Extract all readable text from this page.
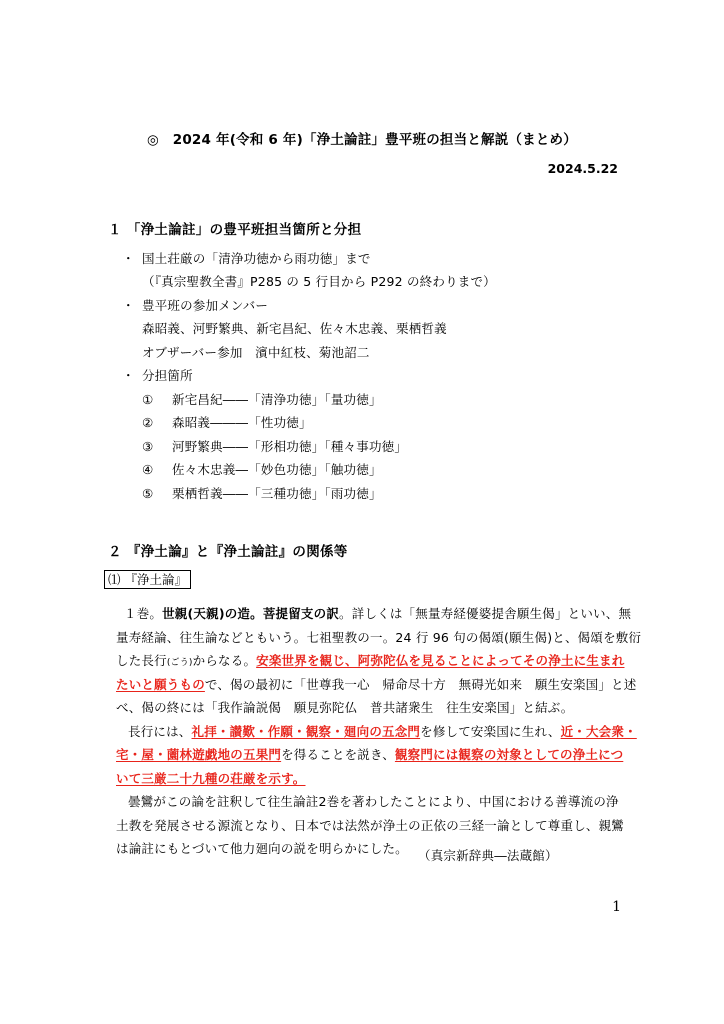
◎　2024 年(令和 6 年)「浄土論註」豊平班の担当と解説（まとめ）
2024.5.22
１ 「浄土論註」の豊平班担当箇所と分担
・ 国土荘厳の「清浄功徳から雨功徳」まで
（『真宗聖教全書』P285 の 5 行目から P292 の終わりまで）
・ 豊平班の参加メンバー
森昭義、河野繁典、新宅昌紀、佐々木忠義、栗栖哲義
オブザーバー参加　濱中紅枝、菊池詔二
・ 分担箇所
①	新宅昌紀――「清浄功徳」「量功徳」
②	森昭義―――「性功徳」
③	河野繁典――「形相功徳」「種々事功徳」
④	佐々木忠義―「妙色功徳」「触功徳」
⑤	栗栖哲義――「三種功徳」「雨功徳」
２ 『浄土論』と『浄土論註』の関係等
⑴ 『浄土論』
１巻。世親(天親)の造。菩提留支の訳。詳しくは「無量寿経優婆提舎願生偈」といい、無
量寿経論、往生論などともいう。七祖聖教の一。24 行 96 句の偈頌(願生偈)と、偈頌を敷衍
した長行(ごう)からなる。安楽世界を観じ、阿弥陀仏を見ることによってその浄土に生まれ
たいと願うもので、偈の最初に「世尊我一心　帰命尽十方　無碍光如来　願生安楽国」と述
べ、偈の終には「我作論説偈　願見弥陀仏　普共諸衆生　往生安楽国」と結ぶ。
長行には、礼拝・讃歎・作願・観察・廻向の五念門を修して安楽国に生れ、近・大会衆・
宅・屋・薗林遊戯地の五果門を得ることを説き、観察門には観察の対象としての浄土につ
いて三厳二十九種の荘厳を示す。
曇鸞がこの論を註釈して往生論註2巻を著わしたことにより、中国における善導流の浄
土教を発展させる源流となり、日本では法然が浄土の正依の三経一論として尊重し、親鸞
は論註にもとづいて他力廻向の説を明らかにした。 （真宗新辞典―法蔵館）
1
